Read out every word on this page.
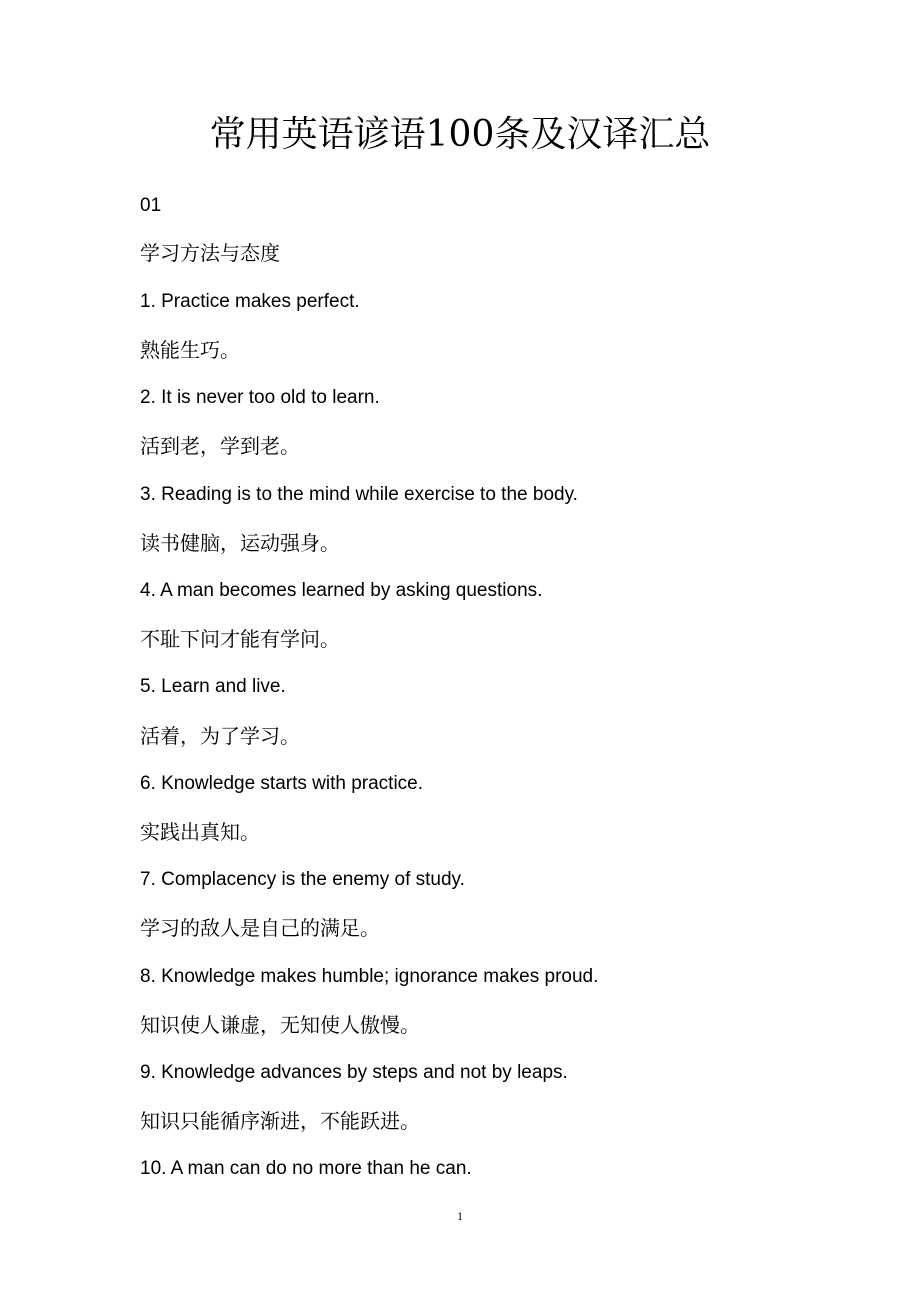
常用英语谚语100条及汉译汇总
01
学习方法与态度
1. Practice makes perfect.
熟能生巧。
2. It is never too old to learn.
活到老，学到老。
3. Reading is to the mind while exercise to the body.
读书健脑，运动强身。
4. A man becomes learned by asking questions.
不耻下问才能有学问。
5. Learn and live.
活着，为了学习。
6. Knowledge starts with practice.
实践出真知。
7. Complacency is the enemy of study.
学习的敌人是自己的满足。
8. Knowledge makes humble; ignorance makes proud.
知识使人谦虚，无知使人傲慢。
9. Knowledge advances by steps and not by leaps.
知识只能循序渐进，不能跃进。
10. A man can do no more than he can.
1
